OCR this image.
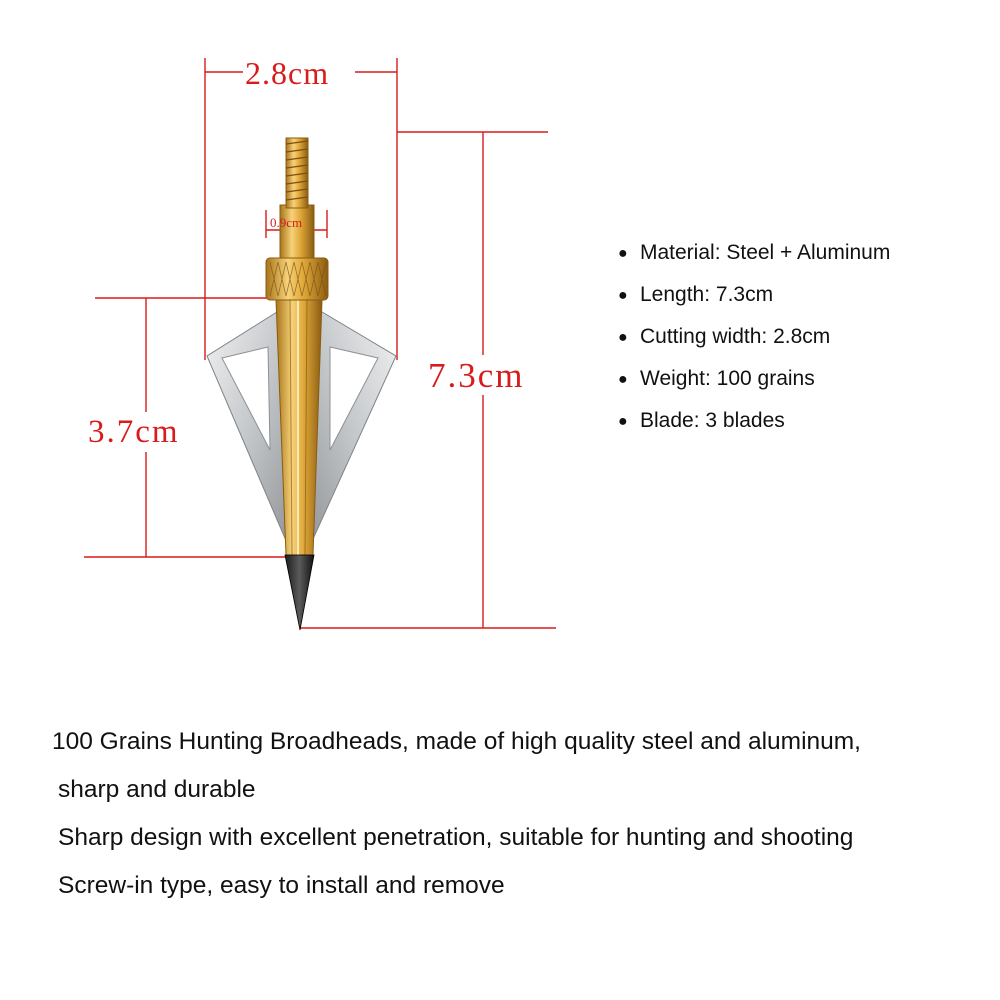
2.8cm
0.9cm
7.3cm
3.7cm
● Material: Steel + Aluminum
● Length: 7.3cm
● Cutting width: 2.8cm
● Weight: 100 grains
● Blade: 3 blades

100 Grains Hunting Broadheads, made of high quality steel and aluminum,

sharp and durable

Sharp design with excellent penetration, suitable for hunting and shooting

Screw-in type, easy to install and remove
